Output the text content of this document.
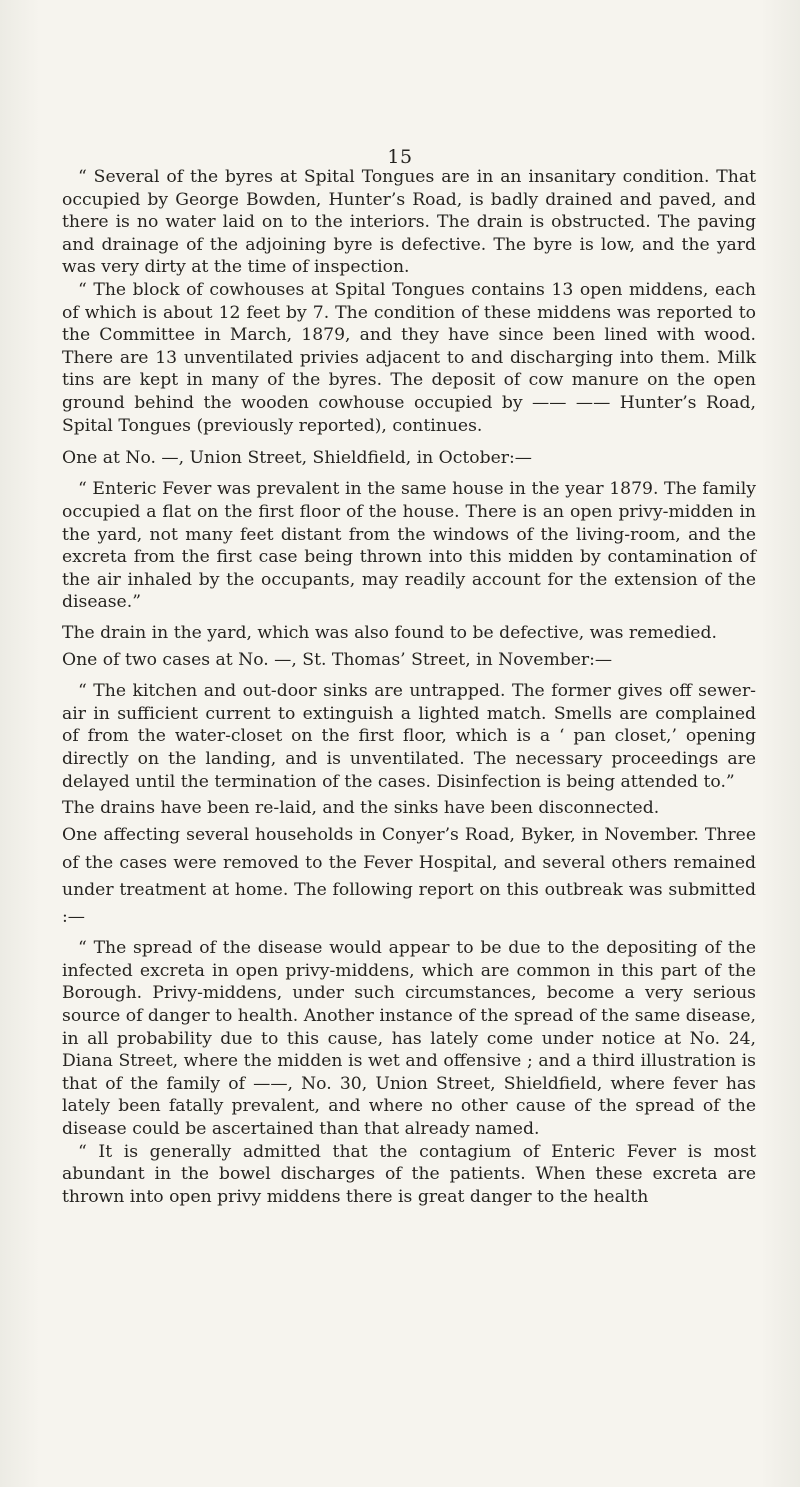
15

“ Several of the byres at Spital Tongues are in an insanitary condition. That occupied by George Bowden, Hunter’s Road, is badly drained and paved, and there is no water laid on to the interiors. The drain is obstructed. The paving and drainage of the adjoining byre is defective. The byre is low, and the yard was very dirty at the time of inspection.

“ The block of cowhouses at Spital Tongues contains 13 open middens, each of which is about 12 feet by 7. The condition of these middens was reported to the Committee in March, 1879, and they have since been lined with wood. There are 13 unventilated privies adjacent to and discharging into them. Milk tins are kept in many of the byres. The deposit of cow manure on the open ground behind the wooden cowhouse occupied by —— —— Hunter’s Road, Spital Tongues (previously reported), continues.

One at No. —, Union Street, Shieldfield, in October:—

“ Enteric Fever was prevalent in the same house in the year 1879. The family occupied a flat on the first floor of the house. There is an open privy-midden in the yard, not many feet distant from the windows of the living-room, and the excreta from the first case being thrown into this midden by contamination of the air inhaled by the occupants, may readily account for the extension of the disease.”

The drain in the yard, which was also found to be defective, was remedied.

One of two cases at No. —, St. Thomas’ Street, in November:—

“ The kitchen and out-door sinks are untrapped. The former gives off sewer-air in sufficient current to extinguish a lighted match. Smells are complained of from the water-closet on the first floor, which is a ‘ pan closet,’ opening directly on the landing, and is unventilated. The necessary proceedings are delayed until the termination of the cases. Disinfection is being attended to.”

The drains have been re-laid, and the sinks have been disconnected.

One affecting several households in Conyer’s Road, Byker, in November. Three of the cases were removed to the Fever Hospital, and several others remained under treatment at home. The following report on this outbreak was submitted :—

“ The spread of the disease would appear to be due to the depositing of the infected excreta in open privy-middens, which are common in this part of the Borough. Privy-middens, under such circumstances, become a very serious source of danger to health. Another instance of the spread of the same disease, in all probability due to this cause, has lately come under notice at No. 24, Diana Street, where the midden is wet and offensive ; and a third illustration is that of the family of ——, No. 30, Union Street, Shieldfield, where fever has lately been fatally prevalent, and where no other cause of the spread of the disease could be ascertained than that already named.

“ It is generally admitted that the contagium of Enteric Fever is most abundant in the bowel discharges of the patients. When these excreta are thrown into open privy middens there is great danger to the health
